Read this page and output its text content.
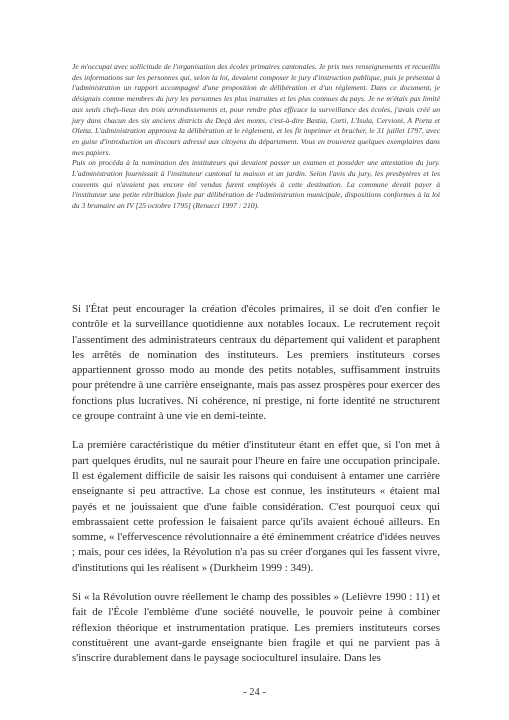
Je m'occupai avec sollicitude de l'organisation des écoles primaires cantonales. Je pris mes renseignements et recueillis des informations sur les personnes qui, selon la loi, devaient composer le jury d'instruction publique, puis je présentai à l'administration un rapport accompagné d'une proposition de délibération et d'un règlement. Dans ce document, je désignais comme membres du jury les personnes les plus instruites et les plus connues du pays. Je ne m'étais pas limité aux seuls chefs-lieux des trois arrondissements et, pour rendre plus efficace la surveillance des écoles, j'avais créé un jury dans chacun des six anciens districts du Deçà des monts, c'est-à-dire Bastia, Corti, L'Isula, Cervioni, A Porta et Oletta. L'administration approuva la délibération et le règlement, et les fit imprimer et bracher, le 31 juillet 1797, avec en guise d'introduction un discours adressé aux citoyens du département. Vous en trouverez quelques exemplaires dans mes papiers.

Puis on procéda à la nomination des instituteurs qui devaient passer un examen et posséder une attestation du jury. L'administration fournissait à l'instituteur cantonal la maison et un jardin. Selon l'avis du jury, les presbytères et les couvents qui n'avaient pas encore été vendus furent employés à cette destination. La commune devait payer à l'instituteur une petite rétribution fixée par délibération de l'administration municipale, dispositions conformes à la loi du 3 brumaire an IV [25 octobre 1795] (Renucci 1997 : 210).

Si l'État peut encourager la création d'écoles primaires, il se doit d'en confier le contrôle et la surveillance quotidienne aux notables locaux. Le recrutement reçoit l'assentiment des administrateurs centraux du département qui valident et paraphent les arrêtés de nomination des instituteurs. Les premiers instituteurs corses appartiennent grosso modo au monde des petits notables, suffisamment instruits pour prétendre à une carrière enseignante, mais pas assez prospères pour exercer des fonctions plus lucratives. Ni cohérence, ni prestige, ni forte identité ne structurent ce groupe contraint à une vie en demi-teinte.

La première caractéristique du métier d'instituteur étant en effet que, si l'on met à part quelques érudits, nul ne saurait pour l'heure en faire une occupation principale. Il est également difficile de saisir les raisons qui conduisent à entamer une carrière enseignante si peu attractive. La chose est connue, les instituteurs « étaient mal payés et ne jouissaient que d'une faible considération. C'est pourquoi ceux qui embrassaient cette profession le faisaient parce qu'ils avaient échoué ailleurs. En somme, « l'effervescence révolutionnaire a été éminemment créatrice d'idées neuves ; mais, pour ces idées, la Révolution n'a pas su créer d'organes qui les fassent vivre, d'institutions qui les réalisent » (Durkheim 1999 : 349).

Si « la Révolution ouvre réellement le champ des possibles » (Lelièvre 1990 : 11) et fait de l'École l'emblème d'une société nouvelle, le pouvoir peine à combiner réflexion théorique et instrumentation pratique. Les premiers instituteurs corses constituèrent une avant-garde enseignante bien fragile et qui ne parvient pas à s'inscrire durablement dans le paysage socioculturel insulaire. Dans les

- 24 -
